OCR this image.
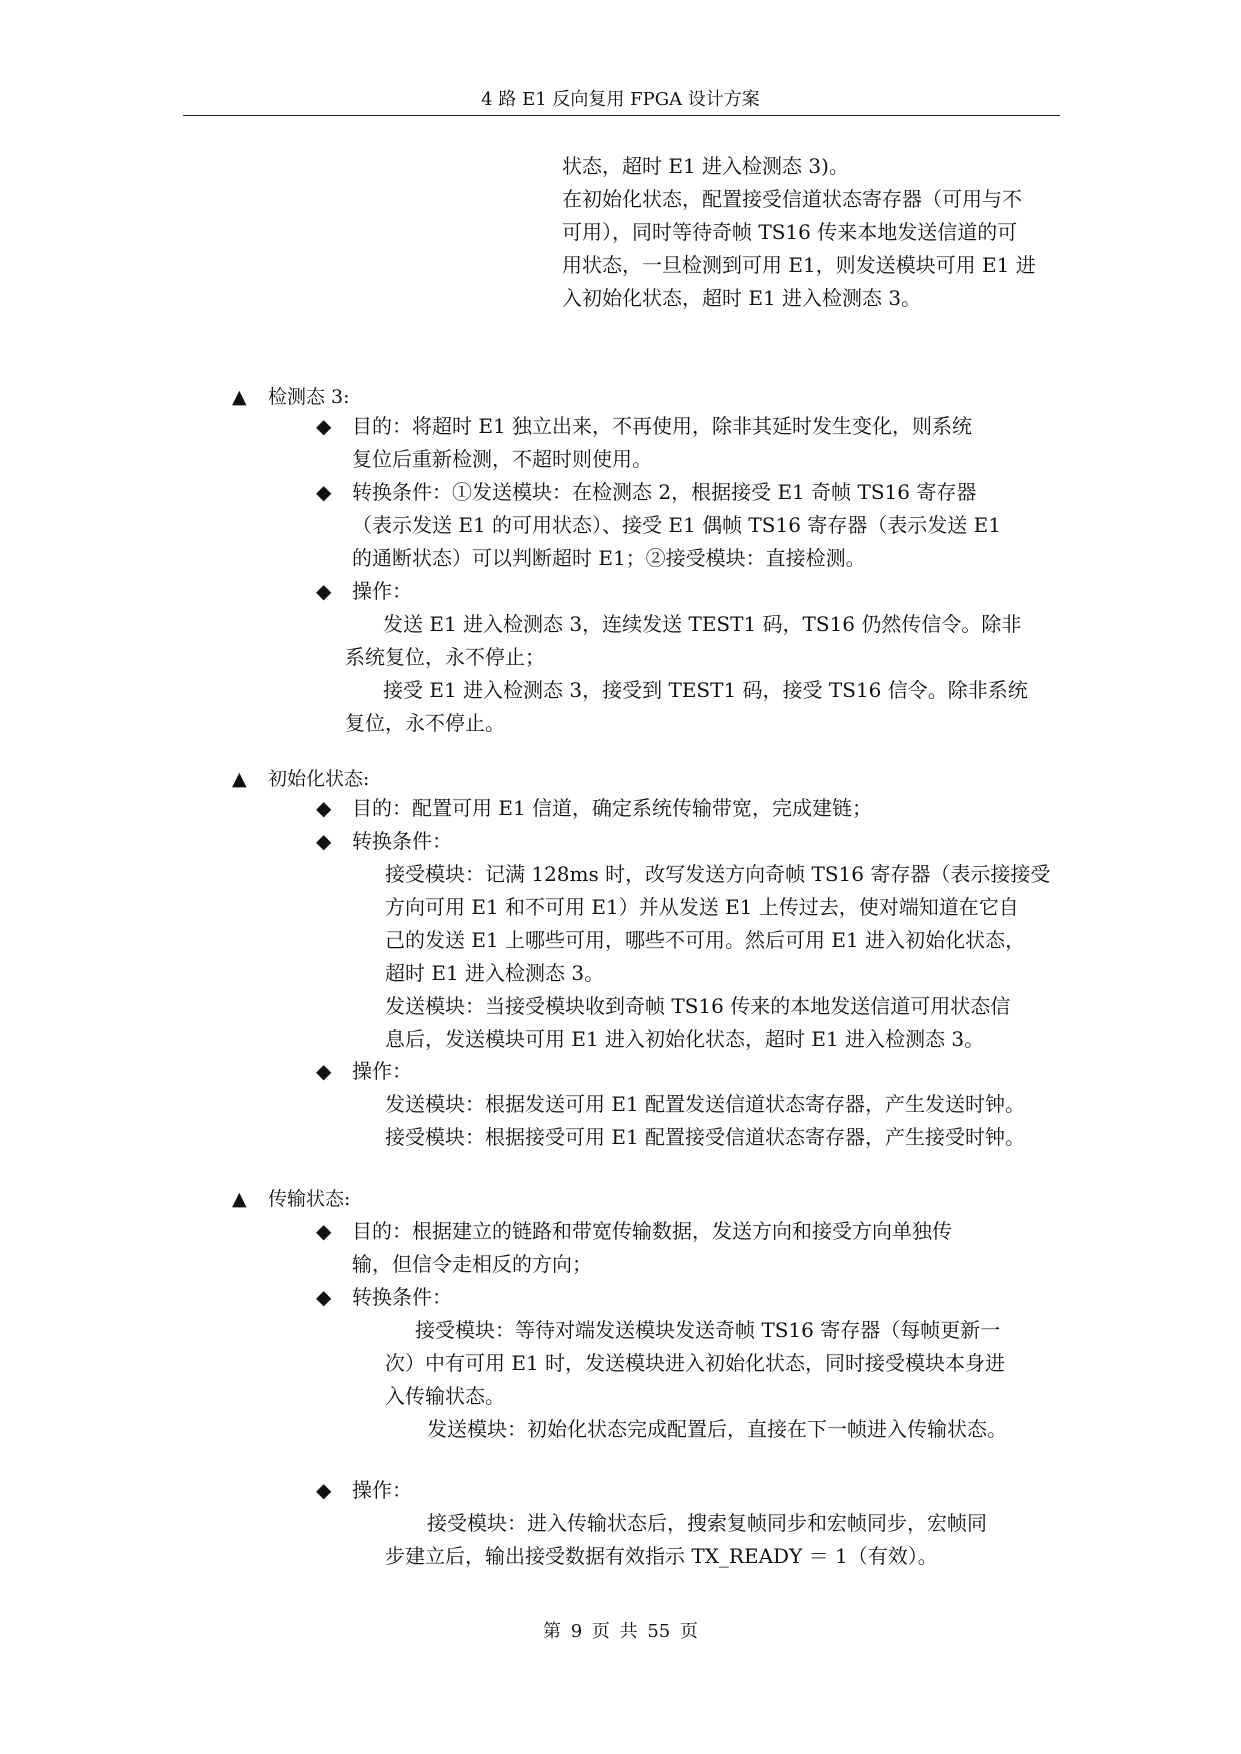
4 路 E1 反向复用 FPGA 设计方案

状态，超时 E1 进入检测态 3)。

在初始化状态，配置接受信道状态寄存器（可用与不

可用），同时等待奇帧 TS16 传来本地发送信道的可

用状态，一旦检测到可用 E1，则发送模块可用 E1 进

入初始化状态，超时 E1 进入检测态 3。

▲ 检测态 3:
◆ 目的：将超时 E1 独立出来，不再使用，除非其延时发生变化，则系统

复位后重新检测，不超时则使用。

◆ 转换条件：①发送模块：在检测态 2，根据接受 E1 奇帧 TS16 寄存器

（表示发送 E1 的可用状态）、接受 E1 偶帧 TS16 寄存器（表示发送 E1

的通断状态）可以判断超时 E1；②接受模块：直接检测。

◆ 操作：

发送 E1 进入检测态 3，连续发送 TEST1 码，TS16 仍然传信令。除非

系统复位，永不停止；

接受 E1 进入检测态 3，接受到 TEST1 码，接受 TS16 信令。除非系统

复位，永不停止。

▲ 初始化状态:
◆ 目的：配置可用 E1 信道，确定系统传输带宽，完成建链；
◆ 转换条件：

接受模块：记满 128ms 时，改写发送方向奇帧 TS16 寄存器（表示接接受

方向可用 E1 和不可用 E1）并从发送 E1 上传过去，使对端知道在它自

己的发送 E1 上哪些可用，哪些不可用。然后可用 E1 进入初始化状态，

超时 E1 进入检测态 3。

发送模块：当接受模块收到奇帧 TS16 传来的本地发送信道可用状态信

息后，发送模块可用 E1 进入初始化状态，超时 E1 进入检测态 3。

◆ 操作：

发送模块：根据发送可用 E1 配置发送信道状态寄存器，产生发送时钟。

接受模块：根据接受可用 E1 配置接受信道状态寄存器，产生接受时钟。

▲ 传输状态:
◆ 目的：根据建立的链路和带宽传输数据，发送方向和接受方向单独传

输，但信令走相反的方向；

◆ 转换条件：

接受模块：等待对端发送模块发送奇帧 TS16 寄存器（每帧更新一

次）中有可用 E1 时，发送模块进入初始化状态，同时接受模块本身进

入传输状态。

发送模块：初始化状态完成配置后，直接在下一帧进入传输状态。

◆ 操作：

接受模块：进入传输状态后，搜索复帧同步和宏帧同步，宏帧同

步建立后，输出接受数据有效指示 TX_READY ＝ 1（有效）。

第 9 页 共 55 页
